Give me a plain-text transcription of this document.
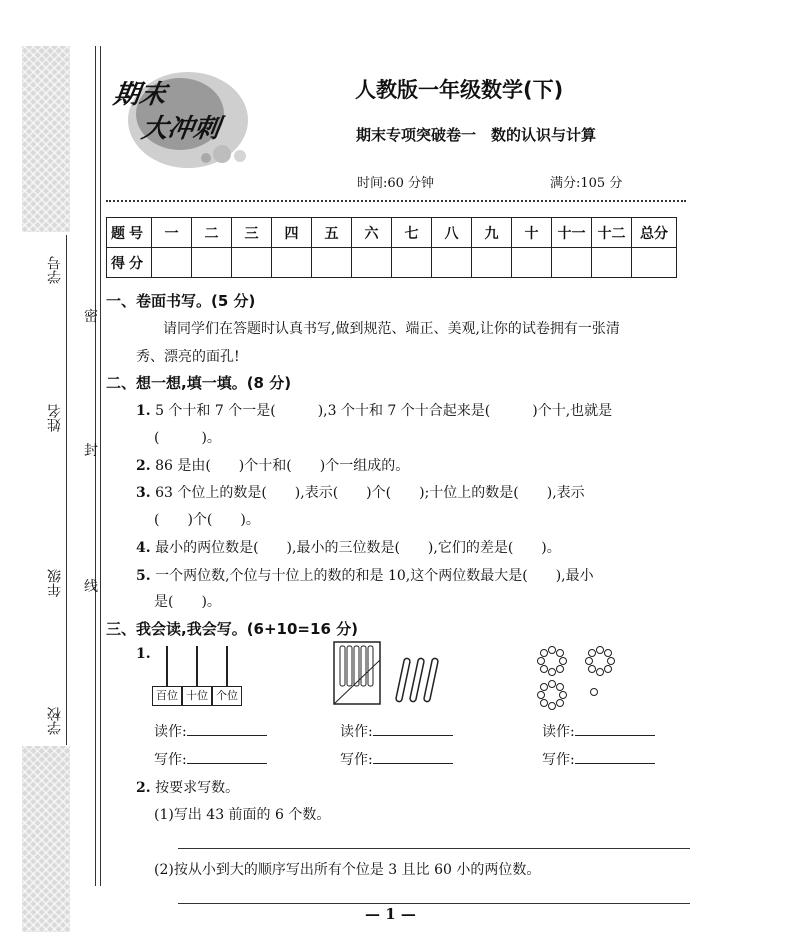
学号
姓名
年级
学校
密
封
线
期末
大冲刺
人教版一年级数学(下)
期末专项突破卷一　数的认识与计算
时间:60 分钟	满分:105 分
题号	一	二	三	四	五	六	七	八	九	十	十一	十二	总分
得分													
一、卷面书写。(5 分)
请同学们在答题时认真书写,做到规范、端正、美观,让你的试卷拥有一张清
秀、漂亮的面孔!
二、想一想,填一填。(8 分)
1. 5 个十和 7 个一是(　　　),3 个十和 7 个十合起来是(　　　)个十,也就是
(　　　)。
2. 86 是由(　　)个十和(　　)个一组成的。
3. 63 个位上的数是(　　),表示(　　)个(　　);十位上的数是(　　),表示
(　　)个(　　)。
4. 最小的两位数是(　　),最小的三位数是(　　),它们的差是(　　)。
5. 一个两位数,个位与十位上的数的和是 10,这个两位数最大是(　　),最小
是(　　)。
三、我会读,我会写。(6+10=16 分)
1.
百位 十位 个位
读作:
写作:
读作:
写作:
读作:
写作:
2. 按要求写数。
(1)写出 43 前面的 6 个数。
(2)按从小到大的顺序写出所有个位是 3 且比 60 小的两位数。
— 1 —
